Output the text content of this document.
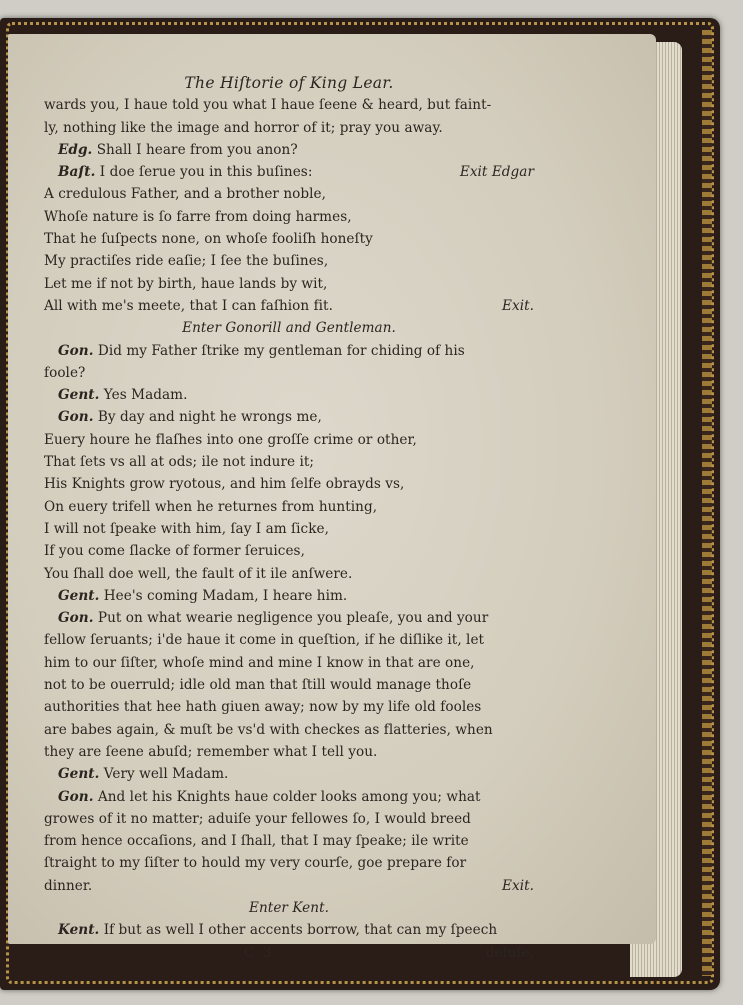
The Hiſtorie of King Lear.
wards you, I haue told you what I haue ſeene & heard, but faint-
ly, nothing like the image and horror of it; pray you away.
Edg. Shall I heare from you anon?
Baſt. I doe ſerue you in this buſines:	Exit Edgar
A credulous Father, and a brother noble,
Whoſe nature is ſo farre from doing harmes,
That he ſuſpects none, on whoſe fooliſh honeſty
My practiſes ride eaſie; I ſee the buſines,
Let me if not by birth, haue lands by wit,
All with me's meete, that I can faſhion fit.	Exit.
Enter Gonorill and Gentleman.
Gon. Did my Father ſtrike my gentleman for chiding of his
foole?
Gent. Yes Madam.
Gon. By day and night he wrongs me,
Euery houre he flaſhes into one groſſe crime or other,
That ſets vs all at ods; ile not indure it;
His Knights grow ryotous, and him ſelfe obrayds vs,
On euery trifell when he returnes from hunting,
I will not ſpeake with him, ſay I am ſicke,
If you come ſlacke of former ſeruices,
You ſhall doe well, the fault of it ile anſwere.
Gent. Hee's coming Madam, I heare him.
Gon. Put on what wearie negligence you pleaſe, you and your
fellow ſeruants; i'de haue it come in queſtion, if he diſlike it, let
him to our ſiſter, whoſe mind and mine I know in that are one,
not to be ouerruld; idle old man that ſtill would manage thoſe
authorities that hee hath giuen away; now by my life old fooles
are babes again, & muſt be vs'd with checkes as flatteries, when
they are ſeene abuſd; remember what I tell you.
Gent. Very well Madam.
Gon. And let his Knights haue colder looks among you; what
growes of it no matter; aduiſe your fellowes ſo, I would breed
from hence occaſions, and I ſhall, that I may ſpeake; ile write
ſtraight to my ſiſter to hould my very courſe, goe prepare for
dinner.	Exit.
Enter Kent.
Kent. If but as well I other accents borrow, that can my ſpeech
C 3	defuſe,
